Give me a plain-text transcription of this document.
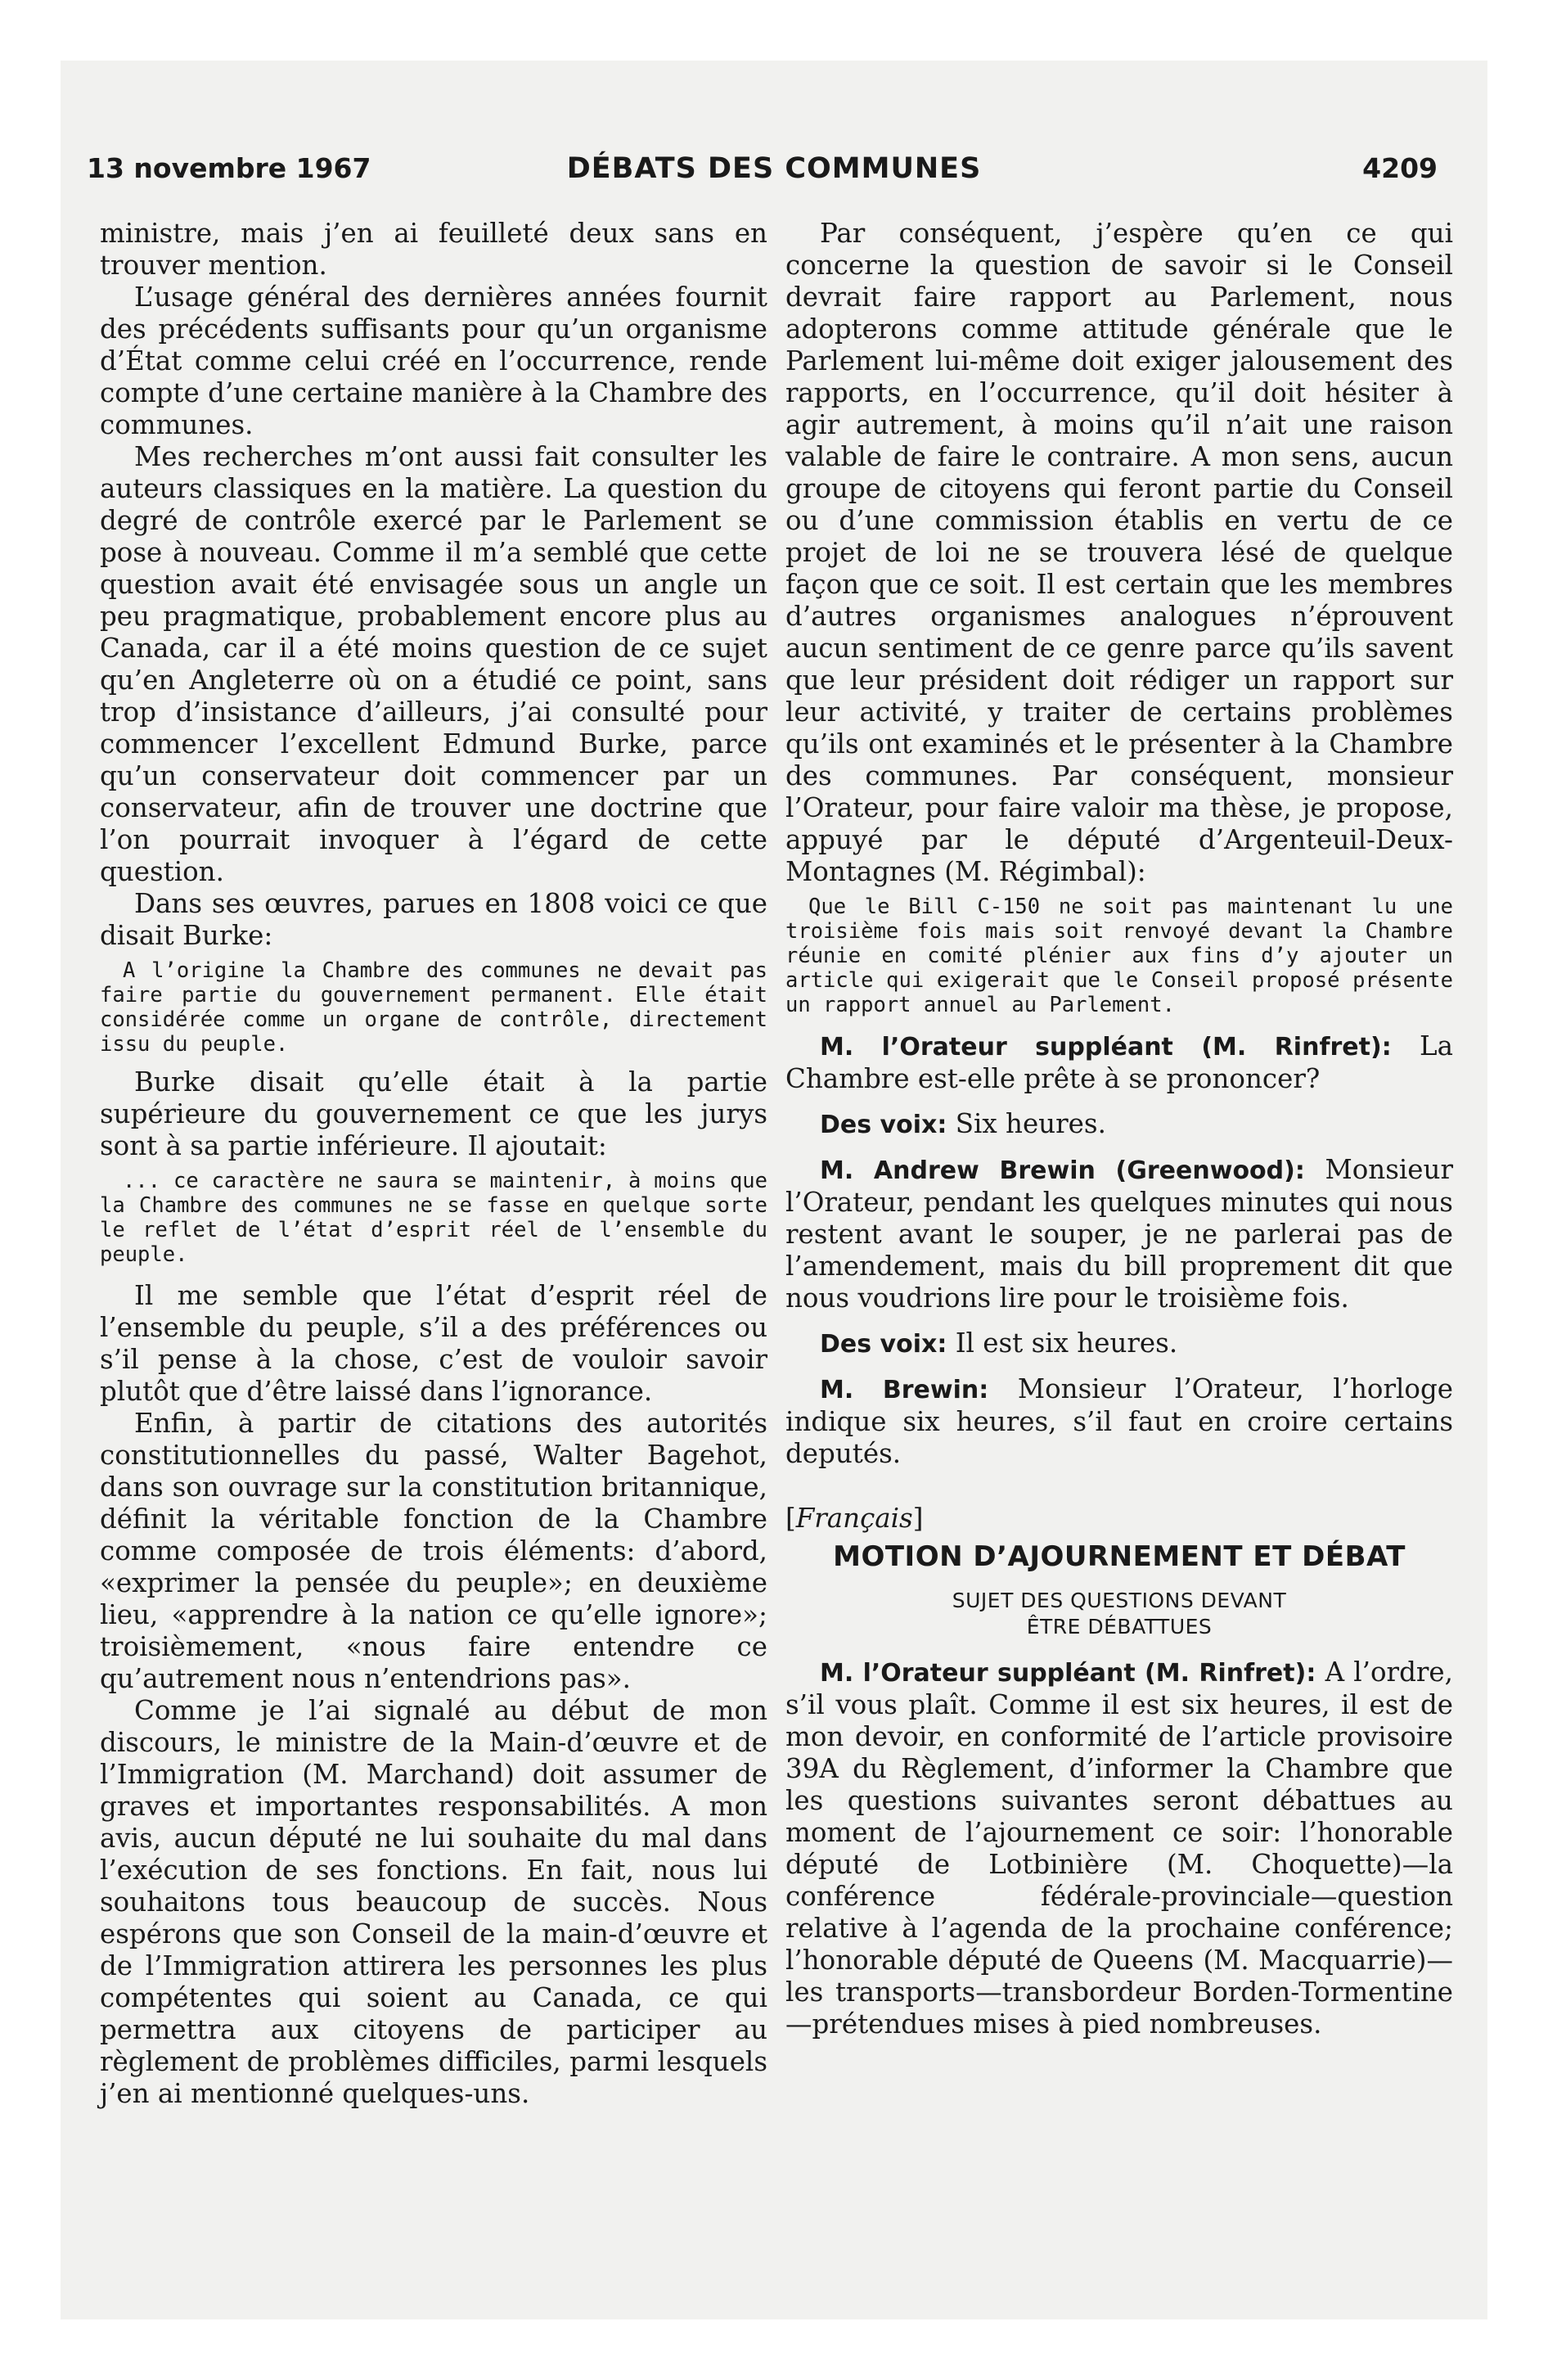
13 novembre 1967	DÉBATS DES COMMUNES	4209

ministre, mais j’en ai feuilleté deux sans en trouver mention.

L’usage général des dernières années fournit des précédents suffisants pour qu’un organisme d’État comme celui créé en l’occurrence, rende compte d’une certaine manière à la Chambre des communes.

Mes recherches m’ont aussi fait consulter les auteurs classiques en la matière. La question du degré de contrôle exercé par le Parlement se pose à nouveau. Comme il m’a semblé que cette question avait été envisagée sous un angle un peu pragmatique, probablement encore plus au Canada, car il a été moins question de ce sujet qu’en Angleterre où on a étudié ce point, sans trop d’insistance d’ailleurs, j’ai consulté pour commencer l’excellent Edmund Burke, parce qu’un conservateur doit commencer par un conservateur, afin de trouver une doctrine que l’on pourrait invoquer à l’égard de cette question.

Dans ses œuvres, parues en 1808 voici ce que disait Burke:

A l’origine la Chambre des communes ne devait pas faire partie du gouvernement permanent. Elle était considérée comme un organe de contrôle, directement issu du peuple.

Burke disait qu’elle était à la partie supérieure du gouvernement ce que les jurys sont à sa partie inférieure. Il ajoutait:

... ce caractère ne saura se maintenir, à moins que la Chambre des communes ne se fasse en quelque sorte le reflet de l’état d’esprit réel de l’ensemble du peuple.

Il me semble que l’état d’esprit réel de l’ensemble du peuple, s’il a des préférences ou s’il pense à la chose, c’est de vouloir savoir plutôt que d’être laissé dans l’ignorance.

Enfin, à partir de citations des autorités constitutionnelles du passé, Walter Bagehot, dans son ouvrage sur la constitution britannique, définit la véritable fonction de la Chambre comme composée de trois éléments: d’abord, «exprimer la pensée du peuple»; en deuxième lieu, «apprendre à la nation ce qu’elle ignore»; troisièmement, «nous faire entendre ce qu’autrement nous n’entendrions pas».

Comme je l’ai signalé au début de mon discours, le ministre de la Main-d’œuvre et de l’Immigration (M. Marchand) doit assumer de graves et importantes responsabilités. A mon avis, aucun député ne lui souhaite du mal dans l’exécution de ses fonctions. En fait, nous lui souhaitons tous beaucoup de succès. Nous espérons que son Conseil de la main-d’œuvre et de l’Immigration attirera les personnes les plus compétentes qui soient au Canada, ce qui permettra aux citoyens de participer au règlement de problèmes difficiles, parmi lesquels j’en ai mentionné quelques-uns.

Par conséquent, j’espère qu’en ce qui concerne la question de savoir si le Conseil devrait faire rapport au Parlement, nous adopterons comme attitude générale que le Parlement lui-même doit exiger jalousement des rapports, en l’occurrence, qu’il doit hésiter à agir autrement, à moins qu’il n’ait une raison valable de faire le contraire. A mon sens, aucun groupe de citoyens qui feront partie du Conseil ou d’une commission établis en vertu de ce projet de loi ne se trouvera lésé de quelque façon que ce soit. Il est certain que les membres d’autres organismes analogues n’éprouvent aucun sentiment de ce genre parce qu’ils savent que leur président doit rédiger un rapport sur leur activité, y traiter de certains problèmes qu’ils ont examinés et le présenter à la Chambre des communes. Par conséquent, monsieur l’Orateur, pour faire valoir ma thèse, je propose, appuyé par le député d’Argenteuil-Deux-Montagnes (M. Régimbal):

Que le Bill C-150 ne soit pas maintenant lu une troisième fois mais soit renvoyé devant la Chambre réunie en comité plénier aux fins d’y ajouter un article qui exigerait que le Conseil proposé présente un rapport annuel au Parlement.

M. l’Orateur suppléant (M. Rinfret): La Chambre est-elle prête à se prononcer?

Des voix: Six heures.

M. Andrew Brewin (Greenwood): Monsieur l’Orateur, pendant les quelques minutes qui nous restent avant le souper, je ne parlerai pas de l’amendement, mais du bill proprement dit que nous voudrions lire pour le troisième fois.

Des voix: Il est six heures.

M. Brewin: Monsieur l’Orateur, l’horloge indique six heures, s’il faut en croire certains deputés.

[Français]

MOTION D’AJOURNEMENT ET DÉBAT

SUJET DES QUESTIONS DEVANT
ÊTRE DÉBATTUES

M. l’Orateur suppléant (M. Rinfret): A l’ordre, s’il vous plaît. Comme il est six heures, il est de mon devoir, en conformité de l’article provisoire 39A du Règlement, d’informer la Chambre que les questions suivantes seront débattues au moment de l’ajournement ce soir: l’honorable député de Lotbinière (M. Choquette)—la conférence fédérale-provinciale—question relative à l’agenda de la prochaine conférence; l’honorable député de Queens (M. Macquarrie)—les transports—transbordeur Borden-Tormentine —prétendues mises à pied nombreuses.
